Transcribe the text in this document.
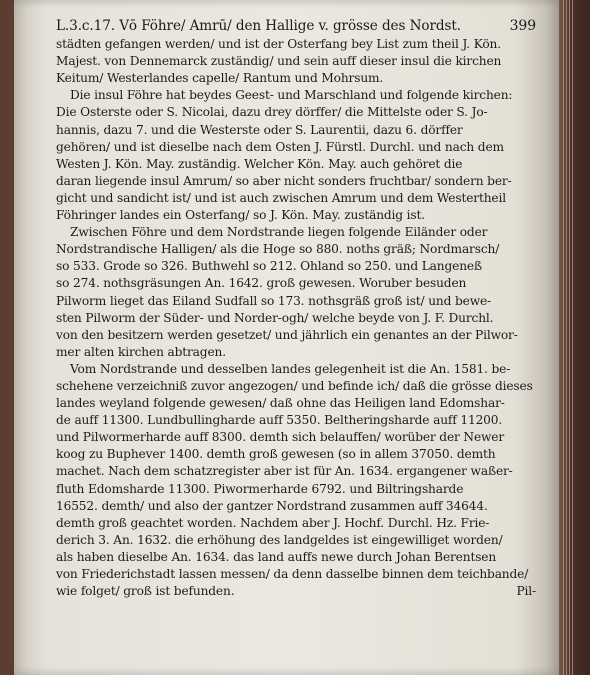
L.3.c.17. Vō Föhre/ Amrū/ den Hallige v. grösse des Nordst.	399
städten gefangen werden/ und ist der Osterfang bey List zum theil J. Kön.
Majest. von Dennemarck zuständig/ und sein auff dieser insul die kirchen
Keitum/ Westerlandes capelle/ Rantum und Mohrsum.
Die insul Föhre hat beydes Geest- und Marschland und folgende kirchen:
Die Osterste oder S. Nicolai, dazu drey dörffer/ die Mittelste oder S. Jo-
hannis, dazu 7. und die Westerste oder S. Laurentii, dazu 6. dörffer
gehören/ und ist dieselbe nach dem Osten J. Fürstl. Durchl. und nach dem
Westen J. Kön. May. zuständig. Welcher Kön. May. auch gehöret die
daran liegende insul Amrum/ so aber nicht sonders fruchtbar/ sondern ber-
gicht und sandicht ist/ und ist auch zwischen Amrum und dem Westertheil
Föhringer landes ein Osterfang/ so J. Kön. May. zuständig ist.
Zwischen Föhre und dem Nordstrande liegen folgende Eiländer oder
Nordstrandische Halligen/ als die Hoge so 880. noths gräß; Nordmarsch/
so 533. Grode so 326. Buthwehl so 212. Ohland so 250. und Langeneß
so 274. nothsgräsungen An. 1642. groß gewesen. Woruber besuden
Pilworm lieget das Eiland Sudfall so 173. nothsgräß groß ist/ und bewe-
sten Pilworm der Süder- und Norder-ogh/ welche beyde von J. F. Durchl.
von den besitzern werden gesetzet/ und jährlich ein genantes an der Pilwor-
mer alten kirchen abtragen.
Vom Nordstrande und desselben landes gelegenheit ist die An. 1581. be-
schehene verzeichniß zuvor angezogen/ und befinde ich/ daß die grösse dieses
landes weyland folgende gewesen/ daß ohne das Heiligen land Edomshar-
de auff 11300. Lundbullingharde auff 5350. Beltheringsharde auff 11200.
und Pilwormerharde auff 8300. demth sich belauffen/ worüber der Newer
koog zu Buphever 1400. demth groß gewesen (so in allem 37050. demth
machet. Nach dem schatzregister aber ist für An. 1634. ergangener waßer-
fluth Edomsharde 11300. Piwormerharde 6792. und Biltringsharde
16552. demth/ und also der gantzer Nordstrand zusammen auff 34644.
demth groß geachtet worden. Nachdem aber J. Hochf. Durchl. Hz. Frie-
derich 3. An. 1632. die erhöhung des landgeldes ist eingewilliget worden/
als haben dieselbe An. 1634. das land auffs newe durch Johan Berentsen
von Friederichstadt lassen messen/ da denn dasselbe binnen dem teichbande/
wie folget/ groß ist befunden.	Pil-
